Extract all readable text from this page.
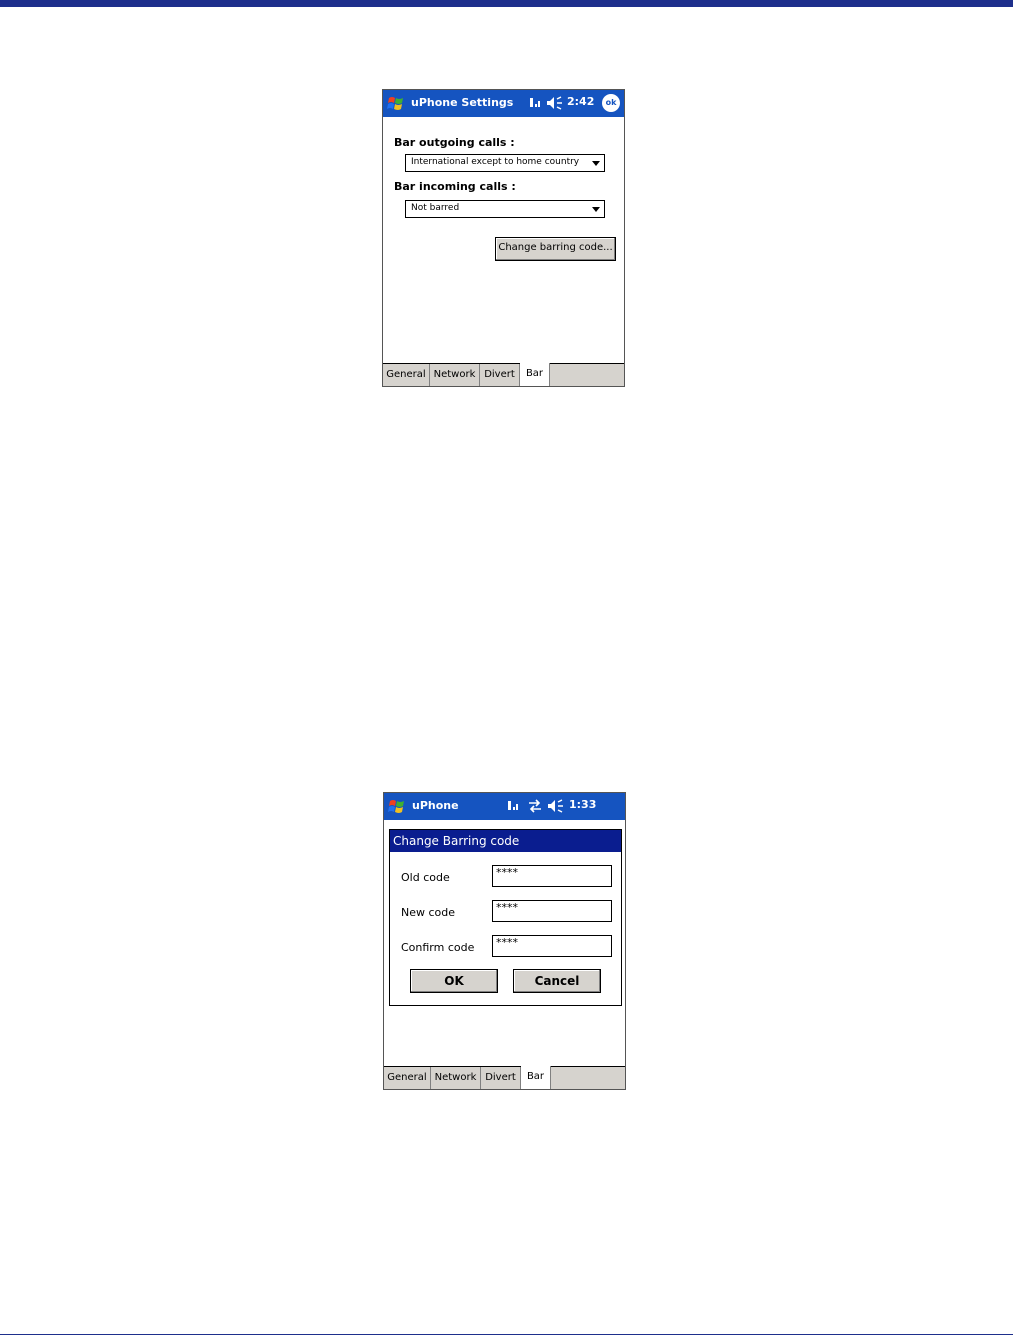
uPhone Settings	2:42	ok
Bar outgoing calls :
International except to home country
Bar incoming calls :
Not barred
Change barring code...
General Network Divert	Bar
uPhone	1:33
Change Barring code
Old code	****
New code	****
Confirm code	****
OK	Cancel
General Network Divert	Bar
